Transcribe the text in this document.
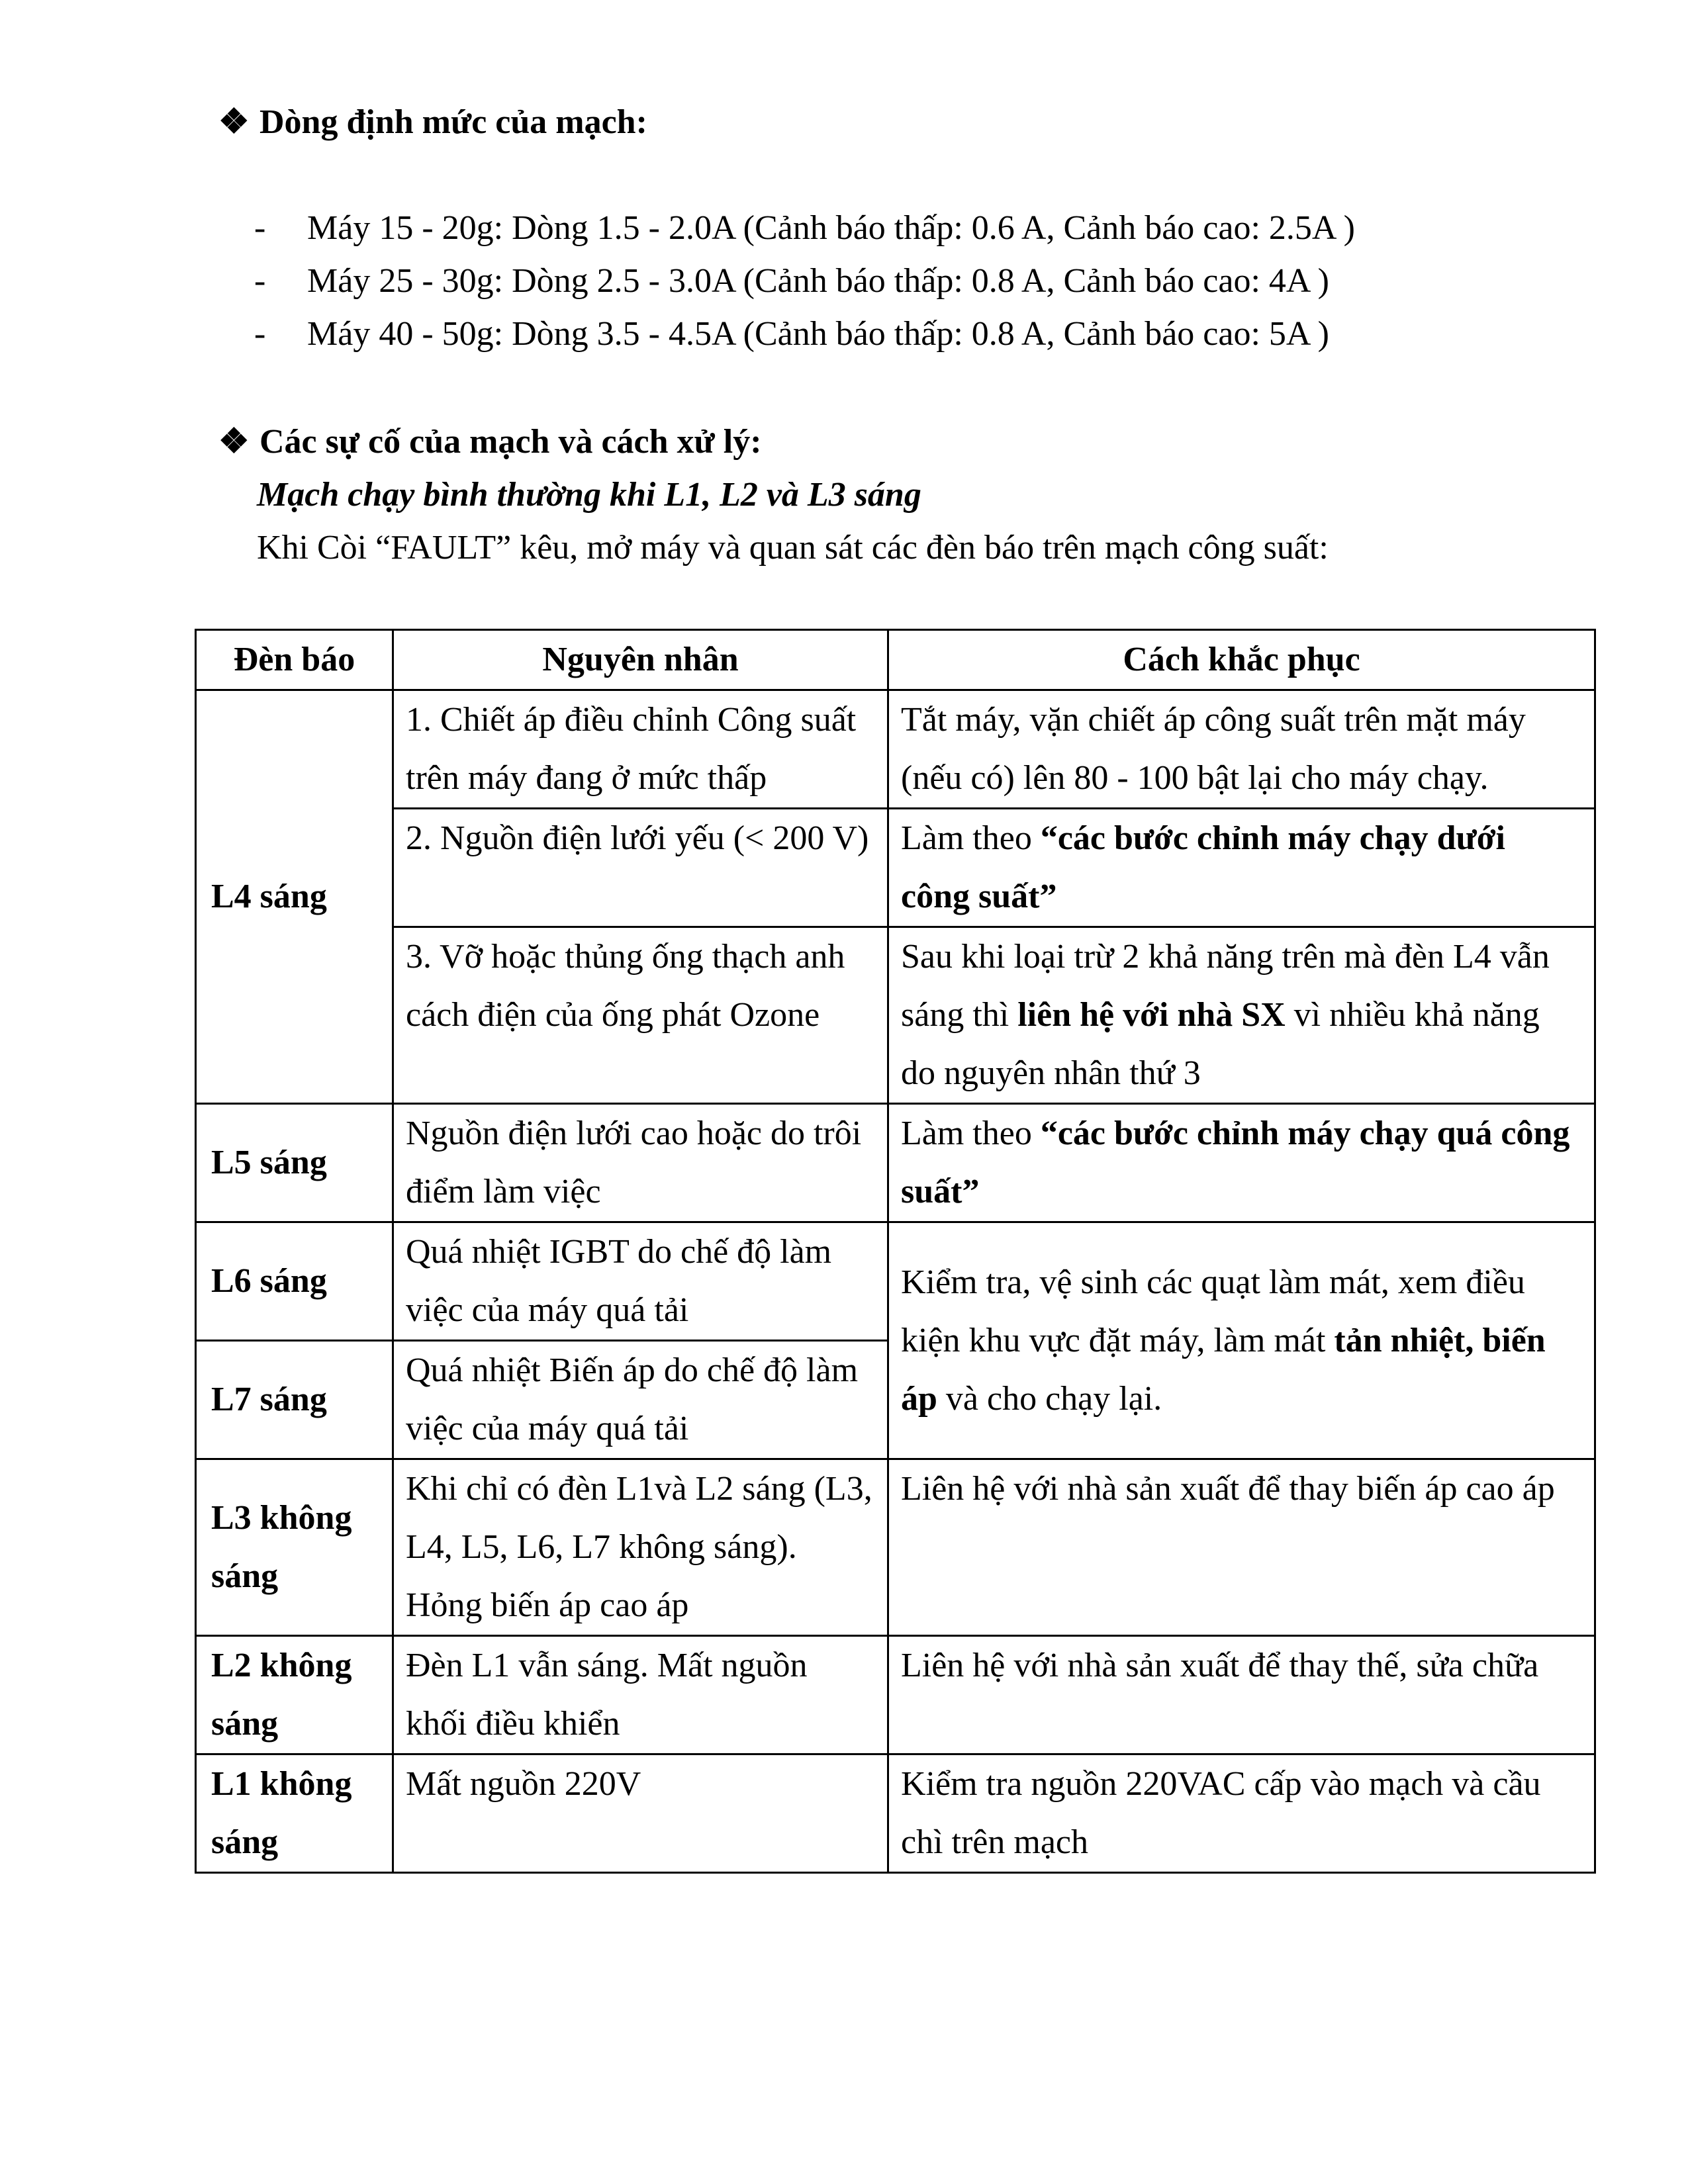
❖ Dòng định mức của mạch:
- Máy 15 - 20g: Dòng 1.5 - 2.0A (Cảnh báo thấp: 0.6 A, Cảnh báo cao: 2.5A )
- Máy 25 - 30g: Dòng 2.5 - 3.0A (Cảnh báo thấp: 0.8 A, Cảnh báo cao: 4A )
- Máy 40 - 50g: Dòng 3.5 - 4.5A (Cảnh báo thấp: 0.8 A, Cảnh báo cao: 5A )
❖ Các sự cố của mạch và cách xử lý:
Mạch chạy bình thường khi L1, L2 và L3 sáng
Khi Còi “FAULT” kêu, mở máy và quan sát các đèn báo trên mạch công suất:
Đèn báo	Nguyên nhân	Cách khắc phục
L4 sáng	1. Chiết áp điều chỉnh Công suất trên máy đang ở mức thấp	Tắt máy, vặn chiết áp công suất trên mặt máy (nếu có) lên 80 - 100 bật lại cho máy chạy.
	2. Nguồn điện lưới yếu (< 200 V)	Làm theo “các bước chỉnh máy chạy dưới công suất”
	3. Vỡ hoặc thủng ống thạch anh cách điện của ống phát Ozone	Sau khi loại trừ 2 khả năng trên mà đèn L4 vẫn sáng thì liên hệ với nhà SX vì nhiều khả năng do nguyên nhân thứ 3
L5 sáng	Nguồn điện lưới cao hoặc do trôi điểm làm việc	Làm theo “các bước chỉnh máy chạy quá công suất”
L6 sáng	Quá nhiệt IGBT do chế độ làm việc của máy quá tải	Kiểm tra, vệ sinh các quạt làm mát, xem điều kiện khu vực đặt máy, làm mát tản nhiệt, biến áp và cho chạy lại.
L7 sáng	Quá nhiệt Biến áp do chế độ làm việc của máy quá tải	
L3 không sáng	Khi chỉ có đèn L1và L2 sáng (L3, L4, L5, L6, L7 không sáng). Hỏng biến áp cao áp	Liên hệ với nhà sản xuất để thay biến áp cao áp
L2 không sáng	Đèn L1 vẫn sáng. Mất nguồn khối điều khiển	Liên hệ với nhà sản xuất để thay thế, sửa chữa
L1 không sáng	Mất nguồn 220V	Kiểm tra nguồn 220VAC cấp vào mạch và cầu chì trên mạch
